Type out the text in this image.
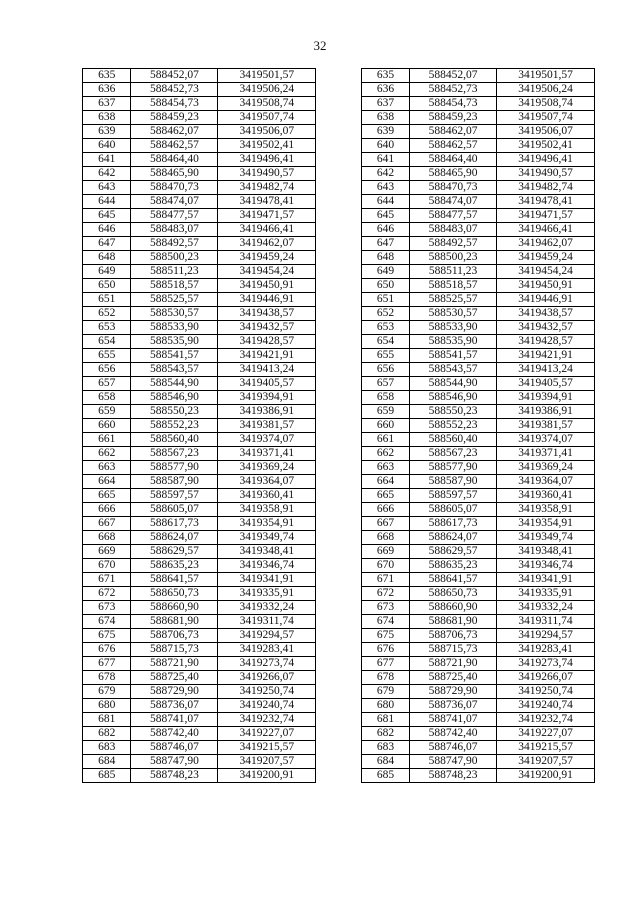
32
635	588452,07	3419501,57		635	588452,07	3419501,57
636	588452,73	3419506,24		636	588452,73	3419506,24
637	588454,73	3419508,74		637	588454,73	3419508,74
638	588459,23	3419507,74		638	588459,23	3419507,74
639	588462,07	3419506,07		639	588462,07	3419506,07
640	588462,57	3419502,41		640	588462,57	3419502,41
641	588464,40	3419496,41		641	588464,40	3419496,41
642	588465,90	3419490,57		642	588465,90	3419490,57
643	588470,73	3419482,74		643	588470,73	3419482,74
644	588474,07	3419478,41		644	588474,07	3419478,41
645	588477,57	3419471,57		645	588477,57	3419471,57
646	588483,07	3419466,41		646	588483,07	3419466,41
647	588492,57	3419462,07		647	588492,57	3419462,07
648	588500,23	3419459,24		648	588500,23	3419459,24
649	588511,23	3419454,24		649	588511,23	3419454,24
650	588518,57	3419450,91		650	588518,57	3419450,91
651	588525,57	3419446,91		651	588525,57	3419446,91
652	588530,57	3419438,57		652	588530,57	3419438,57
653	588533,90	3419432,57		653	588533,90	3419432,57
654	588535,90	3419428,57		654	588535,90	3419428,57
655	588541,57	3419421,91		655	588541,57	3419421,91
656	588543,57	3419413,24		656	588543,57	3419413,24
657	588544,90	3419405,57		657	588544,90	3419405,57
658	588546,90	3419394,91		658	588546,90	3419394,91
659	588550,23	3419386,91		659	588550,23	3419386,91
660	588552,23	3419381,57		660	588552,23	3419381,57
661	588560,40	3419374,07		661	588560,40	3419374,07
662	588567,23	3419371,41		662	588567,23	3419371,41
663	588577,90	3419369,24		663	588577,90	3419369,24
664	588587,90	3419364,07		664	588587,90	3419364,07
665	588597,57	3419360,41		665	588597,57	3419360,41
666	588605,07	3419358,91		666	588605,07	3419358,91
667	588617,73	3419354,91		667	588617,73	3419354,91
668	588624,07	3419349,74		668	588624,07	3419349,74
669	588629,57	3419348,41		669	588629,57	3419348,41
670	588635,23	3419346,74		670	588635,23	3419346,74
671	588641,57	3419341,91		671	588641,57	3419341,91
672	588650,73	3419335,91		672	588650,73	3419335,91
673	588660,90	3419332,24		673	588660,90	3419332,24
674	588681,90	3419311,74		674	588681,90	3419311,74
675	588706,73	3419294,57		675	588706,73	3419294,57
676	588715,73	3419283,41		676	588715,73	3419283,41
677	588721,90	3419273,74		677	588721,90	3419273,74
678	588725,40	3419266,07		678	588725,40	3419266,07
679	588729,90	3419250,74		679	588729,90	3419250,74
680	588736,07	3419240,74		680	588736,07	3419240,74
681	588741,07	3419232,74		681	588741,07	3419232,74
682	588742,40	3419227,07		682	588742,40	3419227,07
683	588746,07	3419215,57		683	588746,07	3419215,57
684	588747,90	3419207,57		684	588747,90	3419207,57
685	588748,23	3419200,91		685	588748,23	3419200,91
